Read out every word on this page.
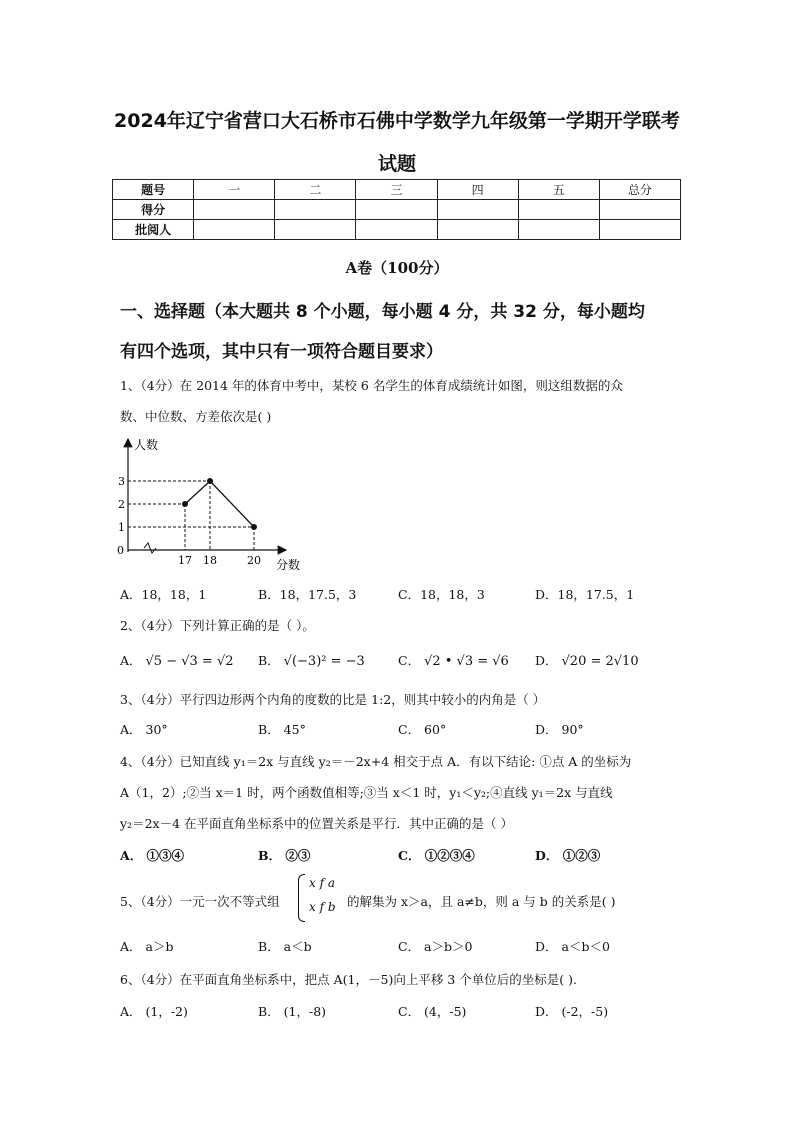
2024年辽宁省营口大石桥市石佛中学数学九年级第一学期开学联考
试题
题号	一	二	三	四	五	总分
得分						
批阅人						
A卷（100分）
一、选择题（本大题共 8 个小题，每小题 4 分，共 32 分，每小题均
有四个选项，其中只有一项符合题目要求）
1、（4分）在 2014 年的体育中考中，某校 6 名学生的体育成绩统计如图，则这组数据的众
数、中位数、方差依次是( )
人数
分数
0
1
2
3
17 18	20
A．18，18，1	B．18，17.5，3	C．18，18，3	D．18，17.5，1
2、（4分）下列计算正确的是（ ）。
A． √5 − √3 = √2 B． √(−3)² = −3	C． √2 • √3 = √6 D． √20 = 2√10
3、（4分）平行四边形两个内角的度数的比是 1:2，则其中较小的内角是（ ）
A． 30°	B． 45°	C． 60°	D． 90°
4、（4分）已知直线 y₁＝2x 与直线 y₂＝－2x+4 相交于点 A．有以下结论: ①点 A 的坐标为
A（1，2）;②当 x＝1 时，两个函数值相等;③当 x＜1 时，y₁＜y₂;④直线 y₁＝2x 与直线
y₂＝2x－4 在平面直角坐标系中的位置关系是平行．其中正确的是（ ）
A． ①③④	B． ②③	C． ①②③④	D． ①②③
5、（4分）一元一次不等式组
x f a
x f b 的解集为 x＞a，且 a≠b，则 a 与 b 的关系是( )
A． a＞b	B． a＜b	C． a＞b＞0	D． a＜b＜0
6、（4分）在平面直角坐标系中，把点 A(1，－5)向上平移 3 个单位后的坐标是( ).
A． (1，-2)	B． (1，-8)	C． (4，-5)	D． (-2，-5)
